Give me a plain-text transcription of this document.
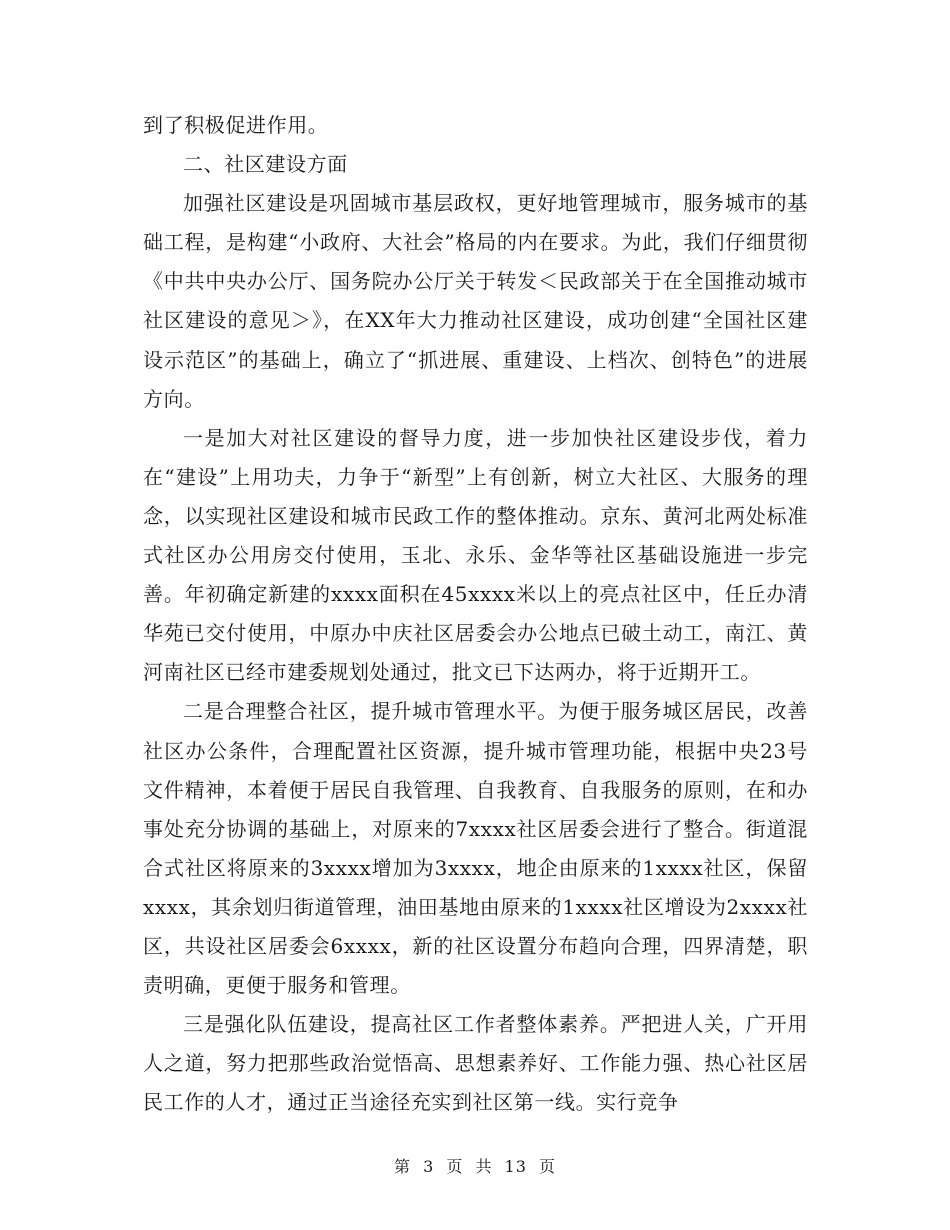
到了积极促进作用。

二、社区建设方面

加强社区建设是巩固城市基层政权，更好地管理城市，服务城市的基础工程，是构建“小政府、大社会”格局的内在要求。为此，我们仔细贯彻《中共中央办公厅、国务院办公厅关于转发＜民政部关于在全国推动城市社区建设的意见＞》，在XX年大力推动社区建设，成功创建“全国社区建设示范区”的基础上，确立了“抓进展、重建设、上档次、创特色”的进展方向。

一是加大对社区建设的督导力度，进一步加快社区建设步伐，着力在“建设”上用功夫，力争于“新型”上有创新，树立大社区、大服务的理念，以实现社区建设和城市民政工作的整体推动。京东、黄河北两处标准式社区办公用房交付使用，玉北、永乐、金华等社区基础设施进一步完善。年初确定新建的xxxx面积在45xxxx米以上的亮点社区中，任丘办清华苑已交付使用，中原办中庆社区居委会办公地点已破土动工，南江、黄河南社区已经市建委规划处通过，批文已下达两办，将于近期开工。

二是合理整合社区，提升城市管理水平。为便于服务城区居民，改善社区办公条件，合理配置社区资源，提升城市管理功能，根据中央23号文件精神，本着便于居民自我管理、自我教育、自我服务的原则，在和办事处充分协调的基础上，对原来的7xxxx社区居委会进行了整合。街道混合式社区将原来的3xxxx增加为3xxxx，地企由原来的1xxxx社区，保留xxxx，其余划归街道管理，油田基地由原来的1xxxx社区增设为2xxxx社区，共设社区居委会6xxxx，新的社区设置分布趋向合理，四界清楚，职责明确，更便于服务和管理。

三是强化队伍建设，提高社区工作者整体素养。严把进人关，广开用人之道，努力把那些政治觉悟高、思想素养好、工作能力强、热心社区居民工作的人才，通过正当途径充实到社区第一线。实行竞争

第 3 页 共 13 页
